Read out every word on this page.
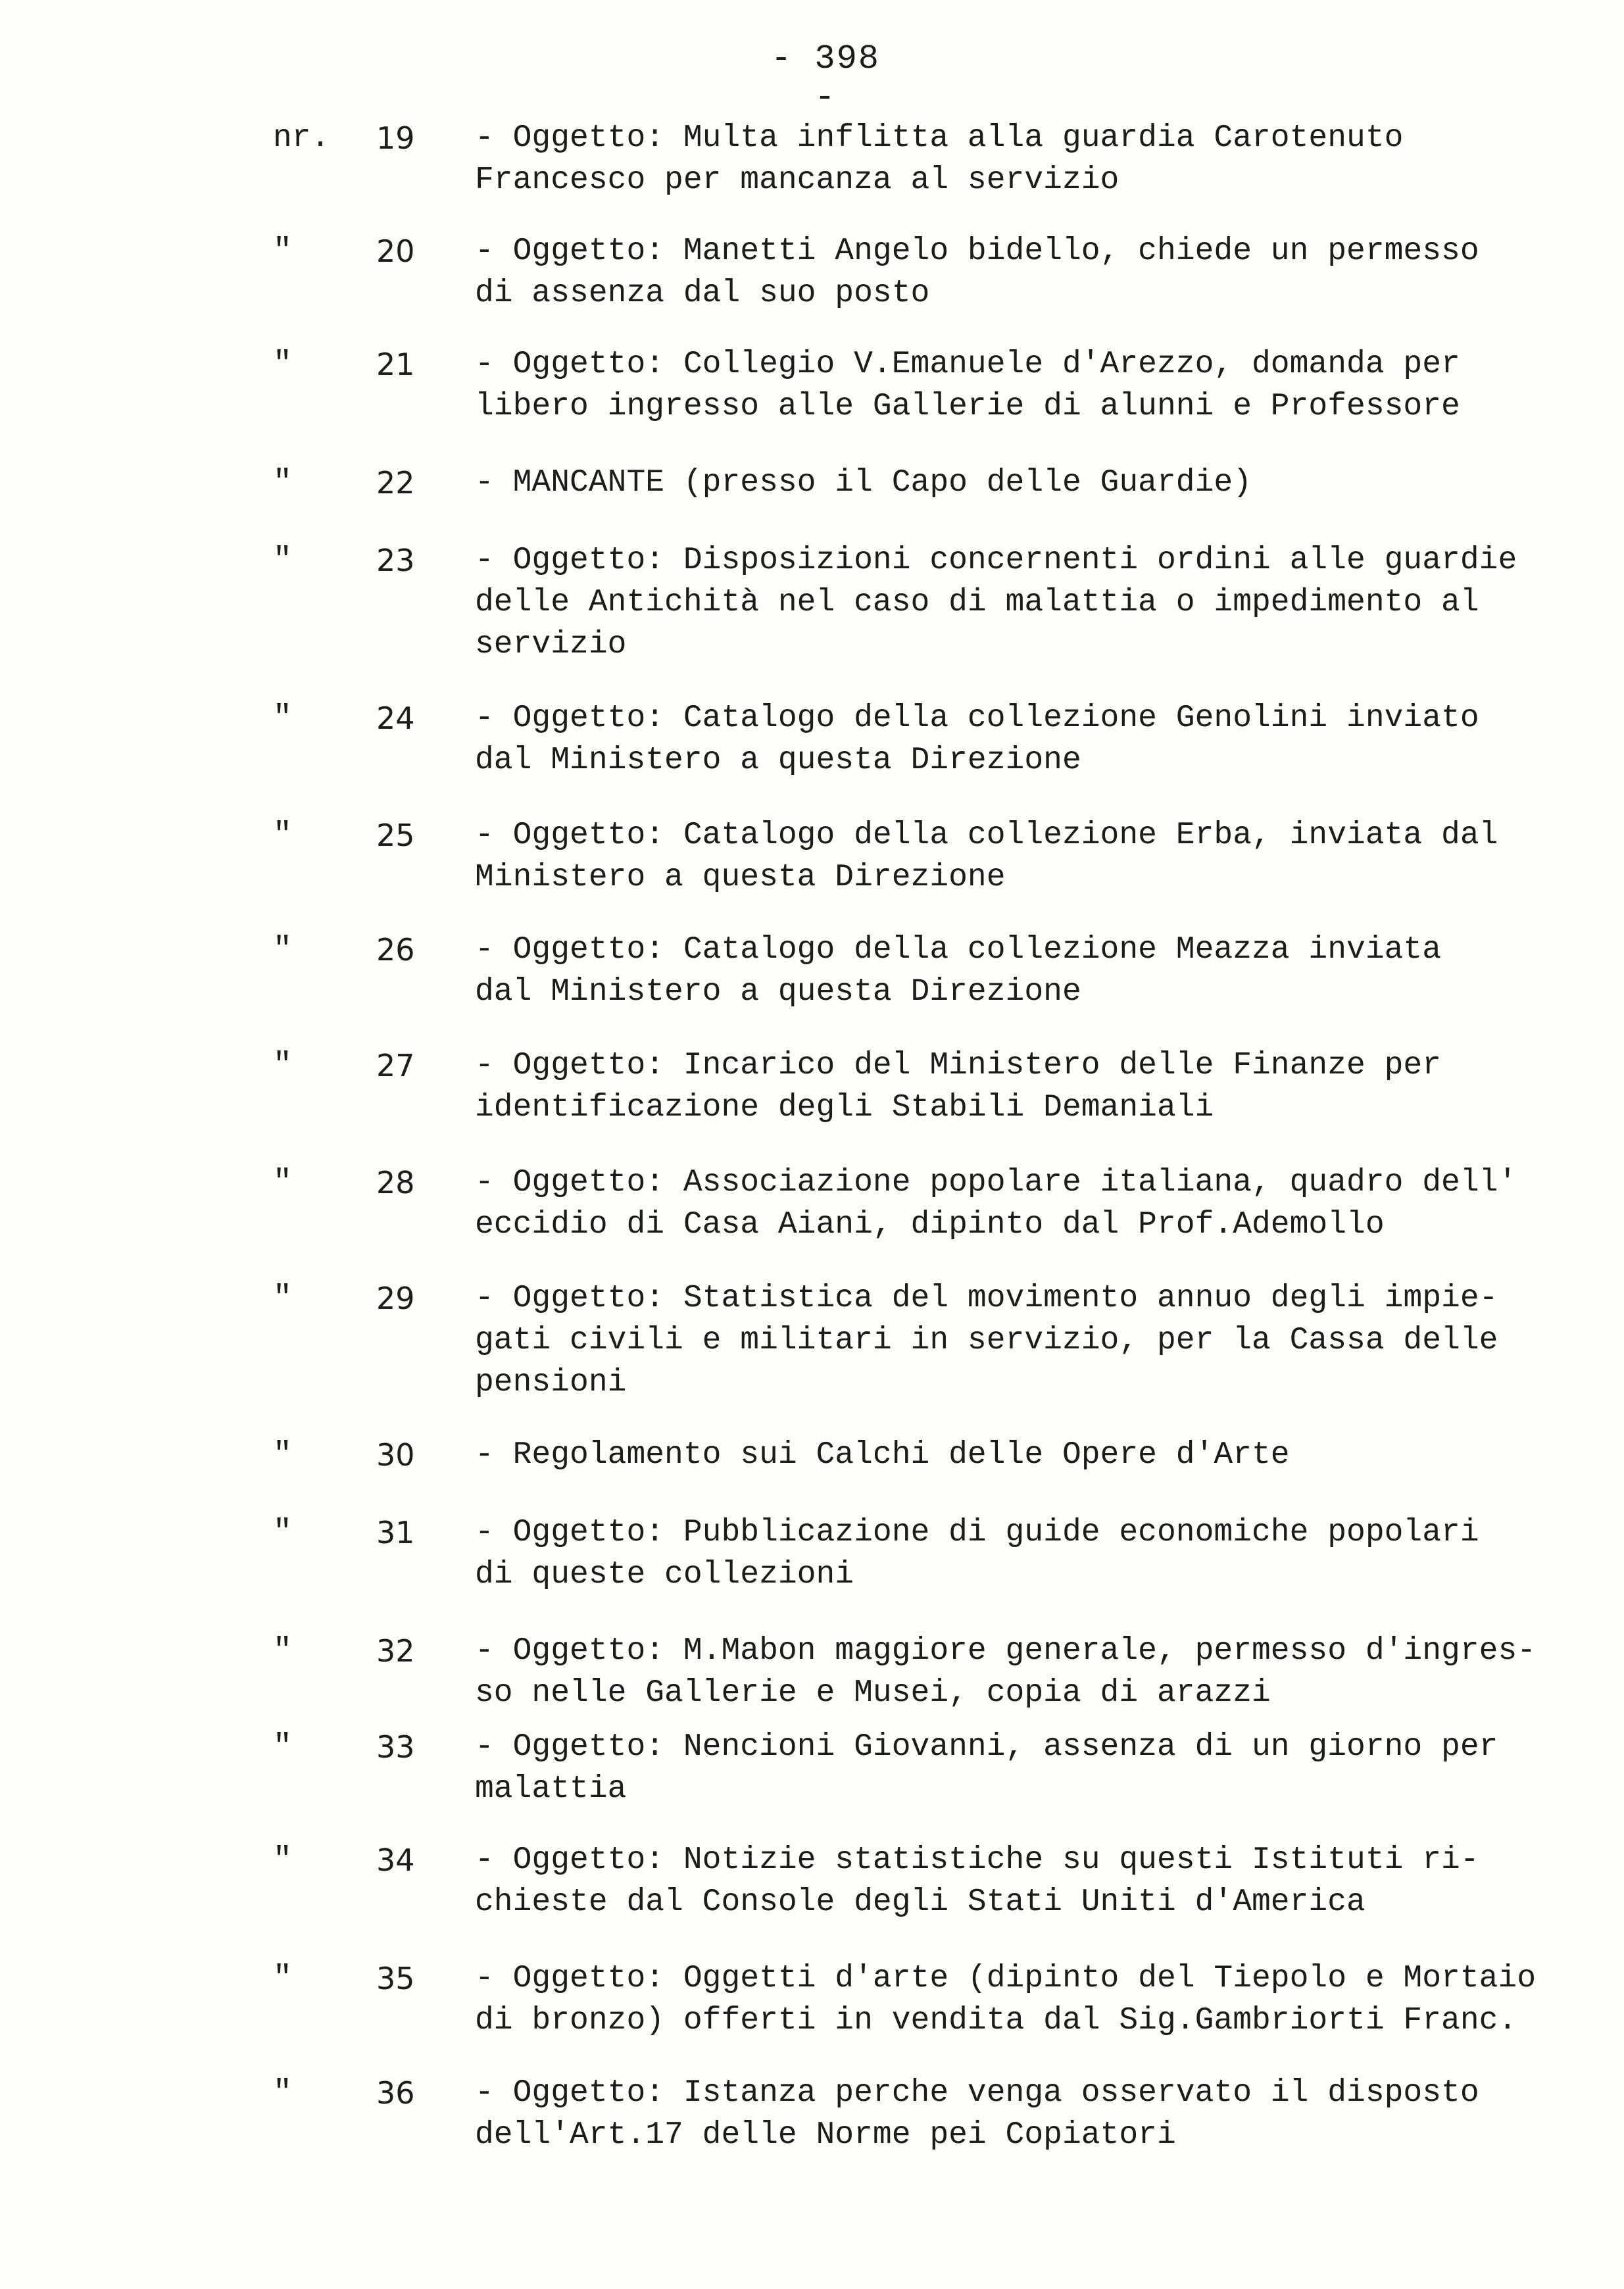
- 398 -
nr.	19	- Oggetto: Multa inflitta alla guardia Carotenuto
Francesco per mancanza al servizio
"	20	- Oggetto: Manetti Angelo bidello, chiede un permesso
di assenza dal suo posto
"	21	- Oggetto: Collegio V.Emanuele d'Arezzo, domanda per
libero ingresso alle Gallerie di alunni e Professore
"	22	- MANCANTE (presso il Capo delle Guardie)
"	23	- Oggetto: Disposizioni concernenti ordini alle guardie
delle Antichità nel caso di malattia o impedimento al
servizio
"	24	- Oggetto: Catalogo della collezione Genolini inviato
dal Ministero a questa Direzione
"	25	- Oggetto: Catalogo della collezione Erba, inviata dal
Ministero a questa Direzione
"	26	- Oggetto: Catalogo della collezione Meazza inviata
dal Ministero a questa Direzione
"	27	- Oggetto: Incarico del Ministero delle Finanze per
identificazione degli Stabili Demaniali
"	28	- Oggetto: Associazione popolare italiana, quadro dell'
eccidio di Casa Aiani, dipinto dal Prof.Ademollo
"	29	- Oggetto: Statistica del movimento annuo degli impie-
gati civili e militari in servizio, per la Cassa delle
pensioni
"	30	- Regolamento sui Calchi delle Opere d'Arte
"	31	- Oggetto: Pubblicazione di guide economiche popolari
di queste collezioni
"	32	- Oggetto: M.Mabon maggiore generale, permesso d'ingres-
so nelle Gallerie e Musei, copia di arazzi
"	33	- Oggetto: Nencioni Giovanni, assenza di un giorno per
malattia
"	34	- Oggetto: Notizie statistiche su questi Istituti ri-
chieste dal Console degli Stati Uniti d'America
"	35	- Oggetto: Oggetti d'arte (dipinto del Tiepolo e Mortaio
di bronzo) offerti in vendita dal Sig.Gambriorti Franc.
"	36	- Oggetto: Istanza perche venga osservato il disposto
dell'Art.17 delle Norme pei Copiatori
